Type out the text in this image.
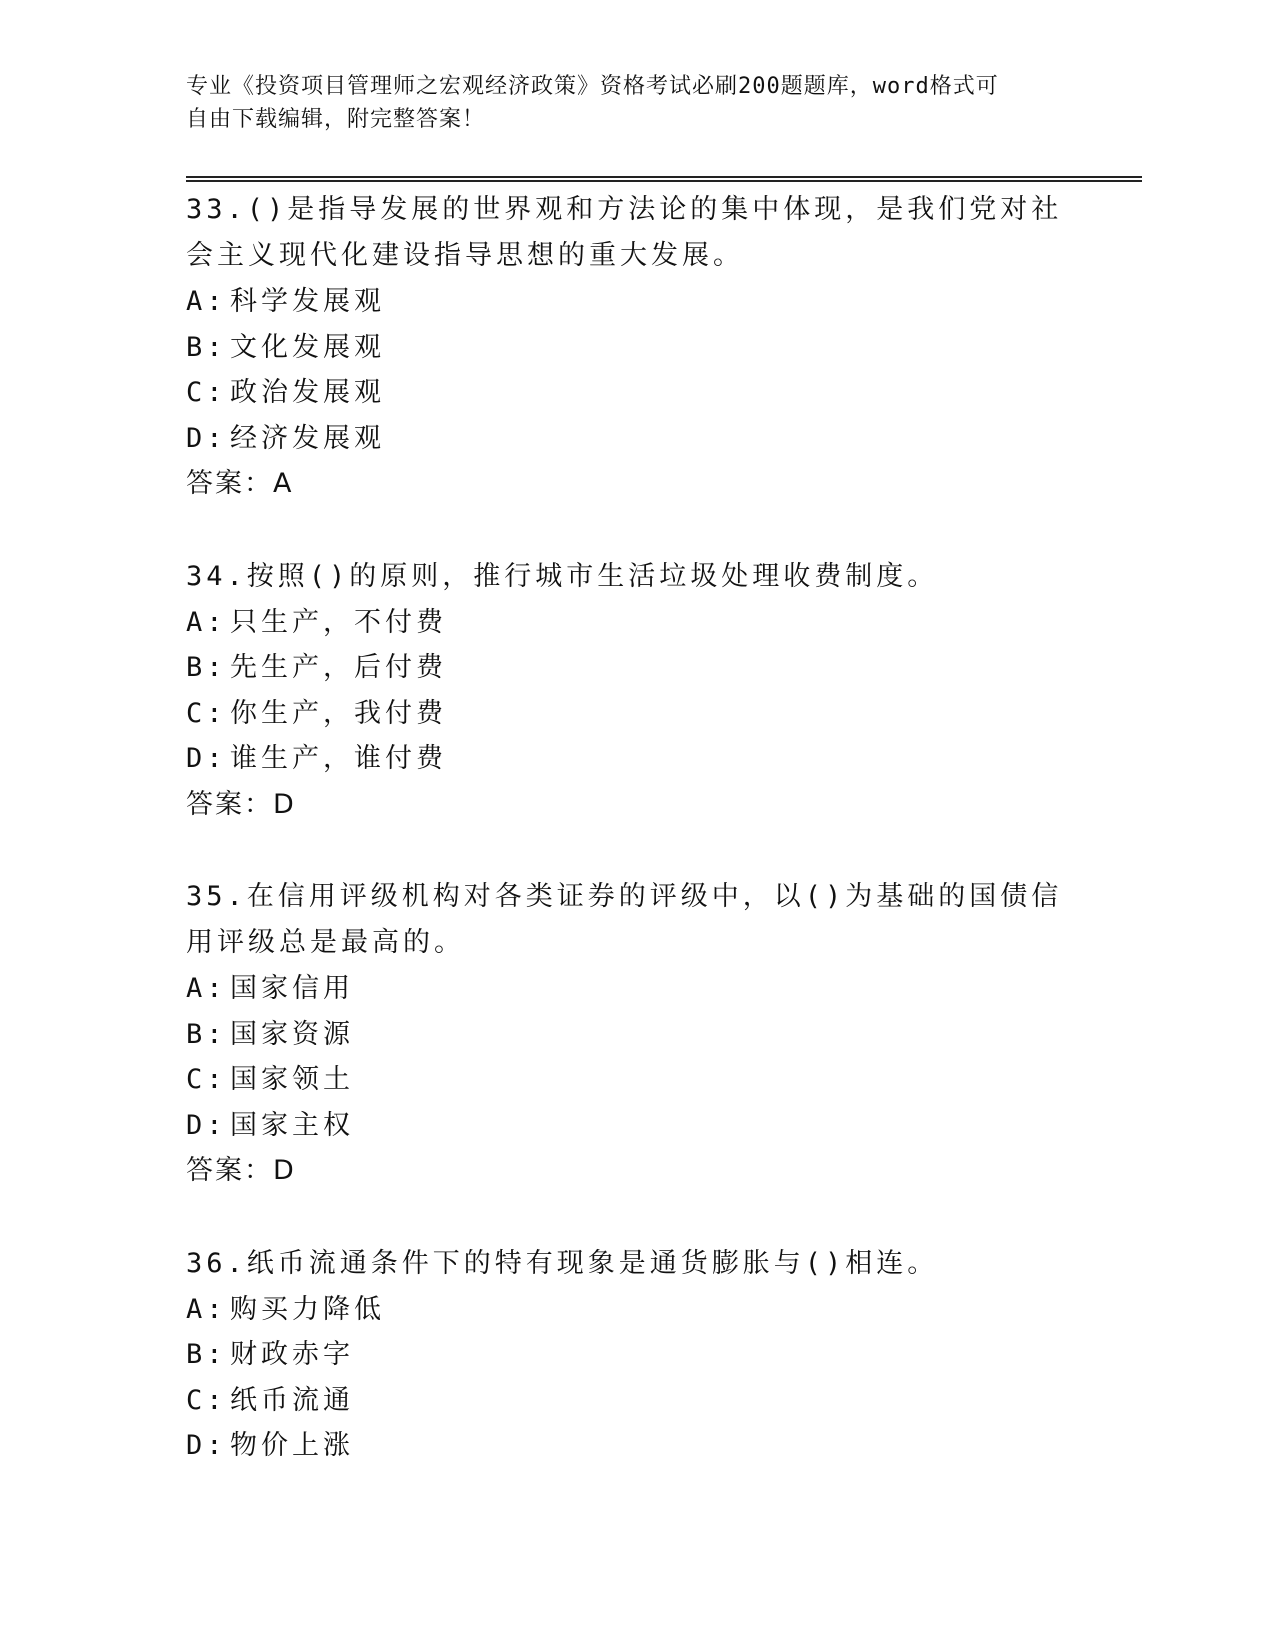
专业《投资项目管理师之宏观经济政策》资格考试必刷200题题库，word格式可
自由下载编辑，附完整答案！

33.()是指导发展的世界观和方法论的集中体现，是我们党对社会主义现代化建设指导思想的重大发展。

A: 科学发展观
B: 文化发展观
C: 政治发展观
D: 经济发展观
答案：A

34.按照()的原则，推行城市生活垃圾处理收费制度。

A: 只生产，不付费
B: 先生产，后付费
C: 你生产，我付费
D: 谁生产，谁付费
答案：D

35.在信用评级机构对各类证券的评级中，以()为基础的国债信用评级总是最高的。

A: 国家信用
B: 国家资源
C: 国家领土
D: 国家主权
答案：D

36.纸币流通条件下的特有现象是通货膨胀与()相连。

A: 购买力降低
B: 财政赤字
C: 纸币流通
D: 物价上涨
